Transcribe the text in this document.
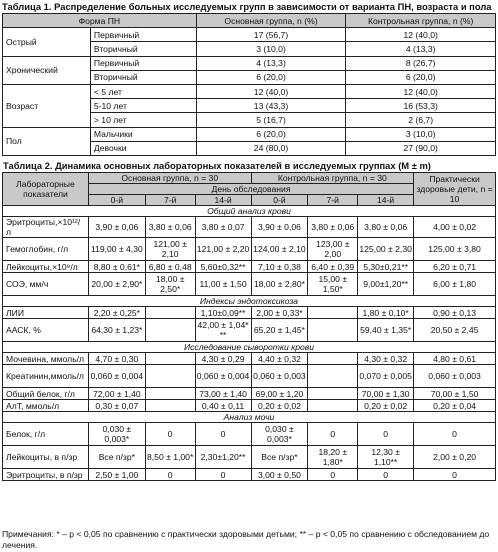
Таблица 1. Распределение больных исследуемых групп в зависимости от варианта ПН, возраста и пола
Форма ПН		Основная группа, n (%)	Контрольная группа, n (%)
Острый	Первичный	17 (56,7)	12 (40,0)
	Вторичный	3 (10,0)	4 (13,3)
Хронический	Первичный	4 (13,3)	8 (26,7)
	Вторичный	6 (20,0)	6 (20,0)
Возраст	< 5 лет	12 (40,0)	12 (40,0)
	5-10 лет	13 (43,3)	16 (53,3)
	> 10 лет	5 (16,7)	2 (6,7)
Пол	Мальчики	6 (20,0)	3 (10,0)
	Девочки	24 (80,0)	27 (90,0)
Таблица 2. Динамика основных лабораторных показателей в исследуемых группах (M ± m)
Лабораторные показатели	Основная группа, n = 30			Контрольная группа, n = 30			Практически здоровые дети, n = 10
	День обследования						
	0-й	7-й	14-й	0-й	7-й	14-й	
Общий анализ крови							
Эритроциты,×10¹²/л	3,90 ± 0,06	3,80 ± 0,06	3,80 ± 0,07	3,90 ± 0,06	3,80 ± 0,06	3,80 ± 0,06	4,00 ± 0,02
Гемоглобин, г/л	119,00 ± 4,30	121,00 ± 2,10	121,00 ± 2,20	124,00 ± 2,10	123,00 ± 2,00	125,00 ± 2,30	125,00 ± 3,80
Лейкоциты,×10⁹/л	8,80 ± 0,61*	6,80 ± 0,48	5,60±0,32**	7,10 ± 0,38	6,40 ± 0,39	5,30±0,21**	6,20 ± 0,71
СОЭ, мм/ч	20,00 ± 2,90*	18,00 ± 2,50*	11,00 ± 1,50	18,00 ± 2,80*	15,00 ± 1,50*	9,00±1,20**	6,00 ± 1,80
Индексы эндотоксикоза							
ЛИИ	2,20 ± 0,25*		1,10±0,09**	2,00 ± 0,33*		1,80 ± 0,10*	0,90 ± 0,13
ААСК, %	64,30 ± 1,23*		42,00 ± 1,04* **	65,20 ± 1,45*		59,40 ± 1,35*	20,50 ± 2,45
Исследование сыворотки крови							
Мочевина, ммоль/л	4,70 ± 0,30		4,30 ± 0,29	4,40 ± 0,32		4,30 ± 0,32	4,80 ± 0,61
Креатинин,ммоль/л	0,060 ± 0,004		0,060 ± 0,004	0,060 ± 0,003		0,070 ± 0,005	0,060 ± 0,003
Общий белок, г/л	72,00 ± 1,40		73,00 ± 1,40	69,00 ± 1,20		70,00 ± 1,30	70,00 ± 1,50
АлТ, ммоль/л	0,30 ± 0,07		0,40 ± 0,11	0,20 ± 0,02		0,20 ± 0,02	0,20 ± 0,04
Анализ мочи							
Белок, г/л	0,030 ± 0,003*	0	0	0,030 ± 0,003*	0	0	0
Лейкоциты, в п/зр	Все п/зр*	8,50 ± 1,00*	2,30±1,20**	Все п/зр*	18,20 ± 1,80*	12,30 ± 1,10**	2,00 ± 0,20
Эритроциты, в п/зр	2,50 ± 1,00	0	0	3,00 ± 0,50	0	0	0
Примечания: * – p < 0,05 по сравнению с практически здоровыми детьми; ** – p < 0,05 по сравнению с обследованием до лечения.
